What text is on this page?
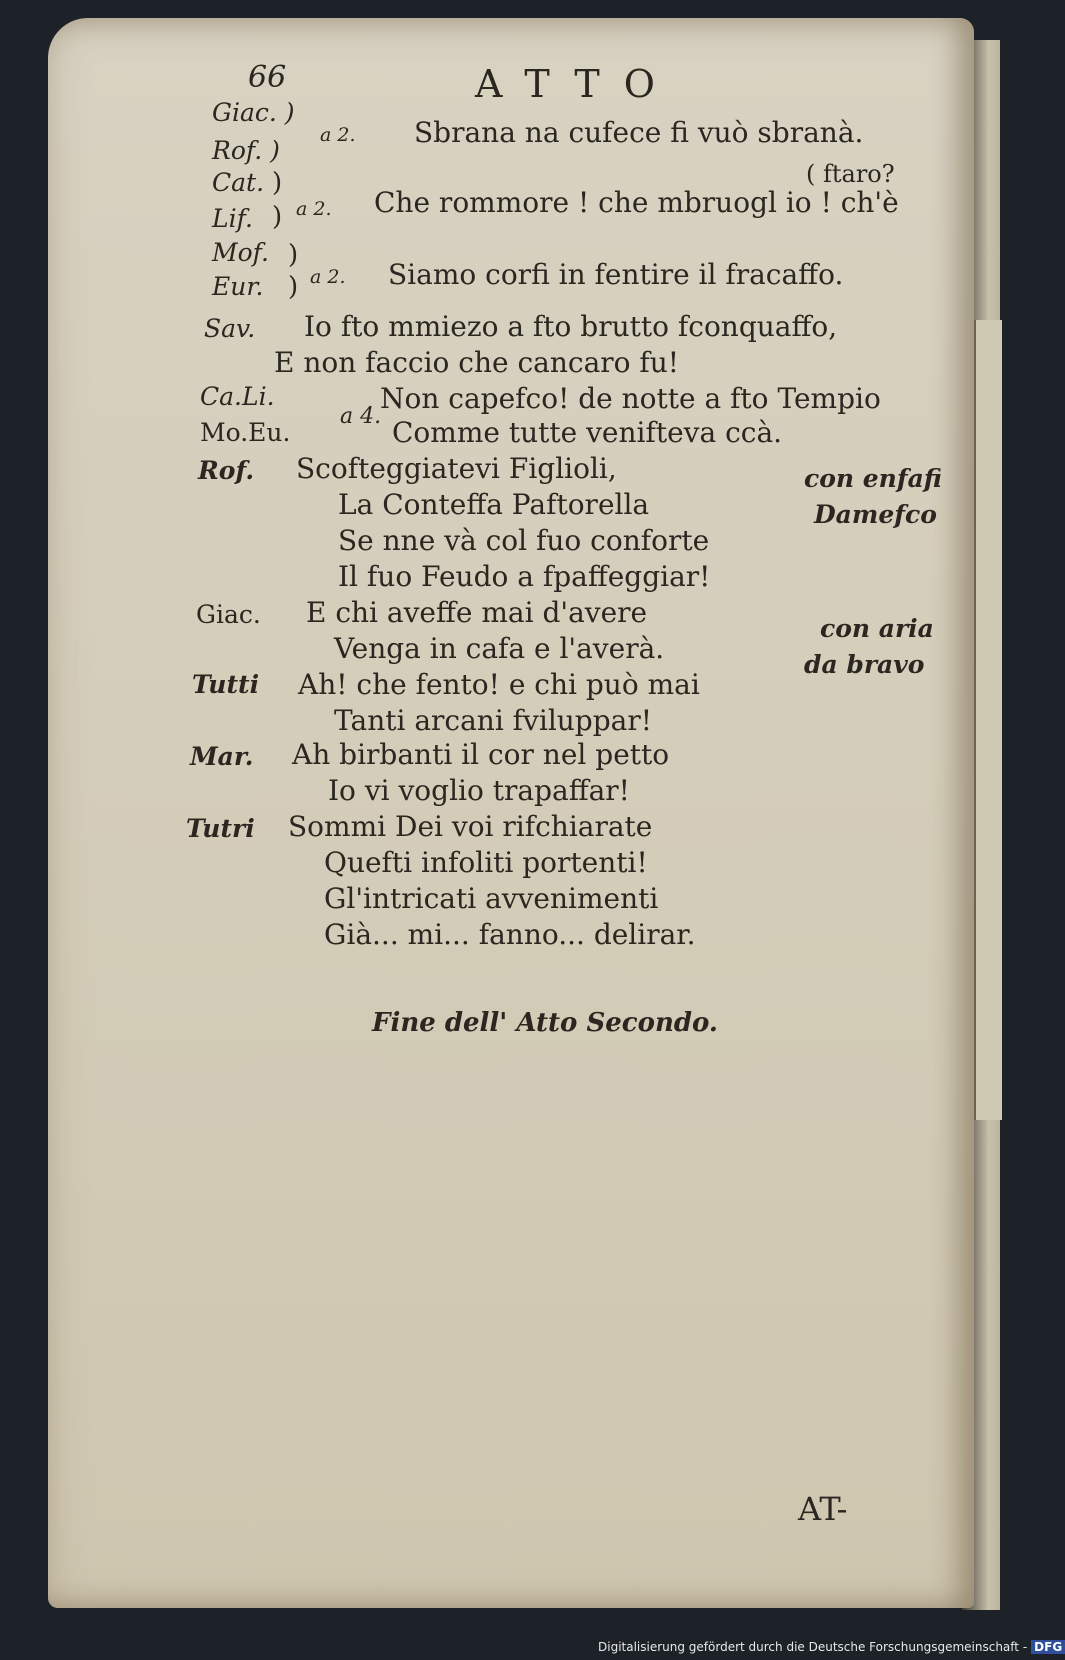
66	ATTO
Giac. )
Rof. )
a 2. Sbrana na cufece fi vuò sbranà.
( ftaro?
Cat.
Lif.
)
) a 2. Che rommore ! che mbruogl io ! ch'è
Mof.
Eur.
)
) a 2. Siamo corfi in fentire il fracaffo.
Sav. Io fto mmiezo a fto brutto fconquaffo,
E non faccio che cancaro fu!
Ca.Li.
Mo.Eu.
a 4.
Non capefco! de notte a fto Tempio
Comme tutte venifteva ccà.
Rof. Scofteggiatevi Figlioli,
La Conteffa Paftorella
Se nne và col fuo conforte
Il fuo Feudo a fpaffeggiar!
con enfafi
Damefco
Giac. E chi aveffe mai d'avere
Venga in cafa e l'averà.
con aria
da bravo
Tutti Ah! che fento! e chi può mai
Tanti arcani fviluppar!
Mar. Ah birbanti il cor nel petto
Io vi voglio trapaffar!
Tutri Sommi Dei voi rifchiarate
Quefti infoliti portenti!
Gl'intricati avvenimenti
Già... mi... fanno... delirar.
Fine dell' Atto Secondo.
AT-
Digitalisierung gefördert durch die Deutsche Forschungsgemeinschaft - DFG
